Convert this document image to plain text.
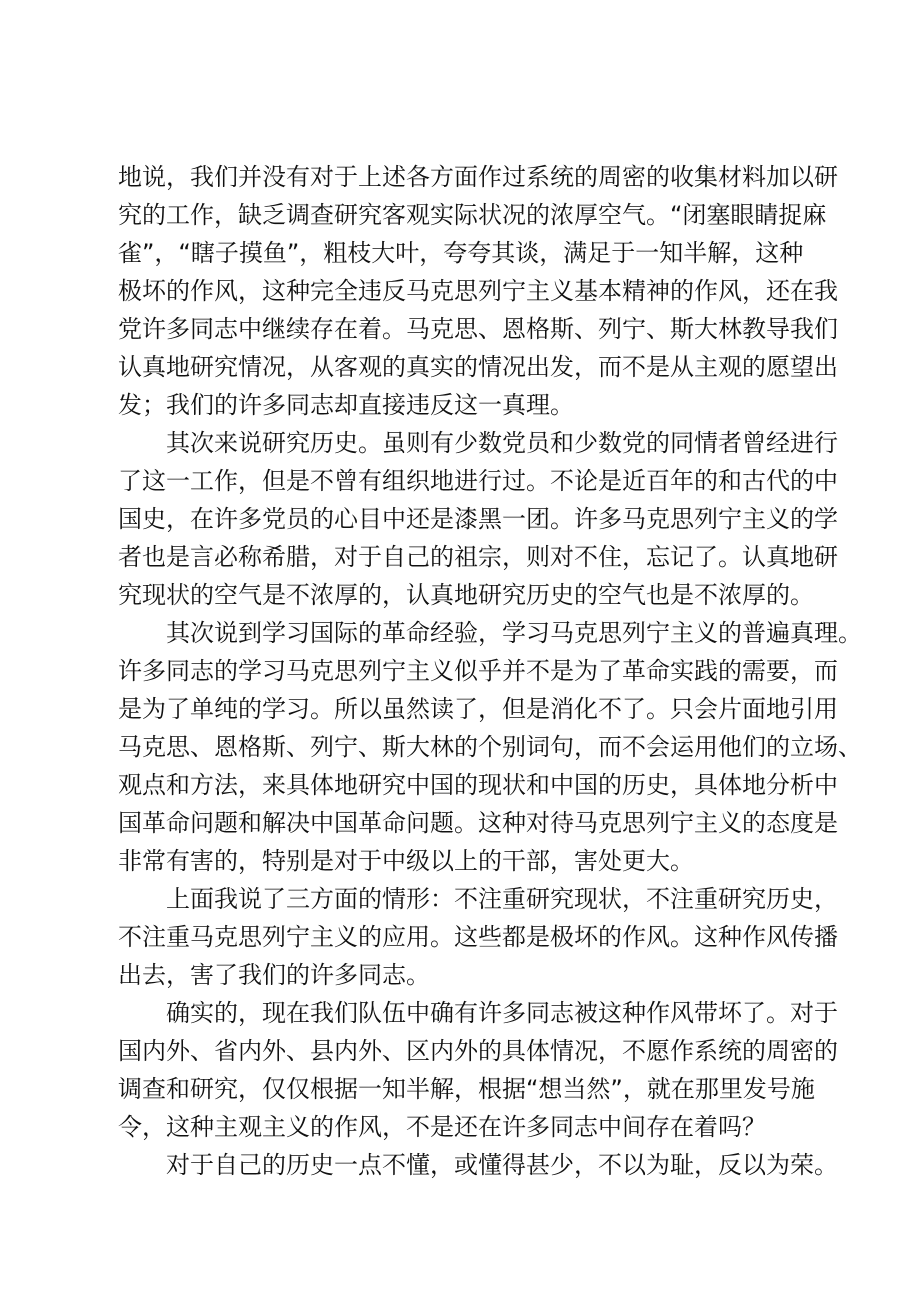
地说，我们并没有对于上述各方面作过系统的周密的收集材料加以研
究的工作，缺乏调查研究客观实际状况的浓厚空气。“闭塞眼睛捉麻
雀”，“瞎子摸鱼”，粗枝大叶，夸夸其谈，满足于一知半解，这种
极坏的作风，这种完全违反马克思列宁主义基本精神的作风，还在我
党许多同志中继续存在着。马克思、恩格斯、列宁、斯大林教导我们
认真地研究情况，从客观的真实的情况出发，而不是从主观的愿望出
发；我们的许多同志却直接违反这一真理。
其次来说研究历史。虽则有少数党员和少数党的同情者曾经进行
了这一工作，但是不曾有组织地进行过。不论是近百年的和古代的中
国史，在许多党员的心目中还是漆黑一团。许多马克思列宁主义的学
者也是言必称希腊，对于自己的祖宗，则对不住，忘记了。认真地研
究现状的空气是不浓厚的，认真地研究历史的空气也是不浓厚的。
其次说到学习国际的革命经验，学习马克思列宁主义的普遍真理。
许多同志的学习马克思列宁主义似乎并不是为了革命实践的需要，而
是为了单纯的学习。所以虽然读了，但是消化不了。只会片面地引用
马克思、恩格斯、列宁、斯大林的个别词句，而不会运用他们的立场、
观点和方法，来具体地研究中国的现状和中国的历史，具体地分析中
国革命问题和解决中国革命问题。这种对待马克思列宁主义的态度是
非常有害的，特别是对于中级以上的干部，害处更大。
上面我说了三方面的情形：不注重研究现状，不注重研究历史，
不注重马克思列宁主义的应用。这些都是极坏的作风。这种作风传播
出去，害了我们的许多同志。
确实的，现在我们队伍中确有许多同志被这种作风带坏了。对于
国内外、省内外、县内外、区内外的具体情况，不愿作系统的周密的
调查和研究，仅仅根据一知半解，根据“想当然”，就在那里发号施
令，这种主观主义的作风，不是还在许多同志中间存在着吗？
对于自己的历史一点不懂，或懂得甚少，不以为耻，反以为荣。
